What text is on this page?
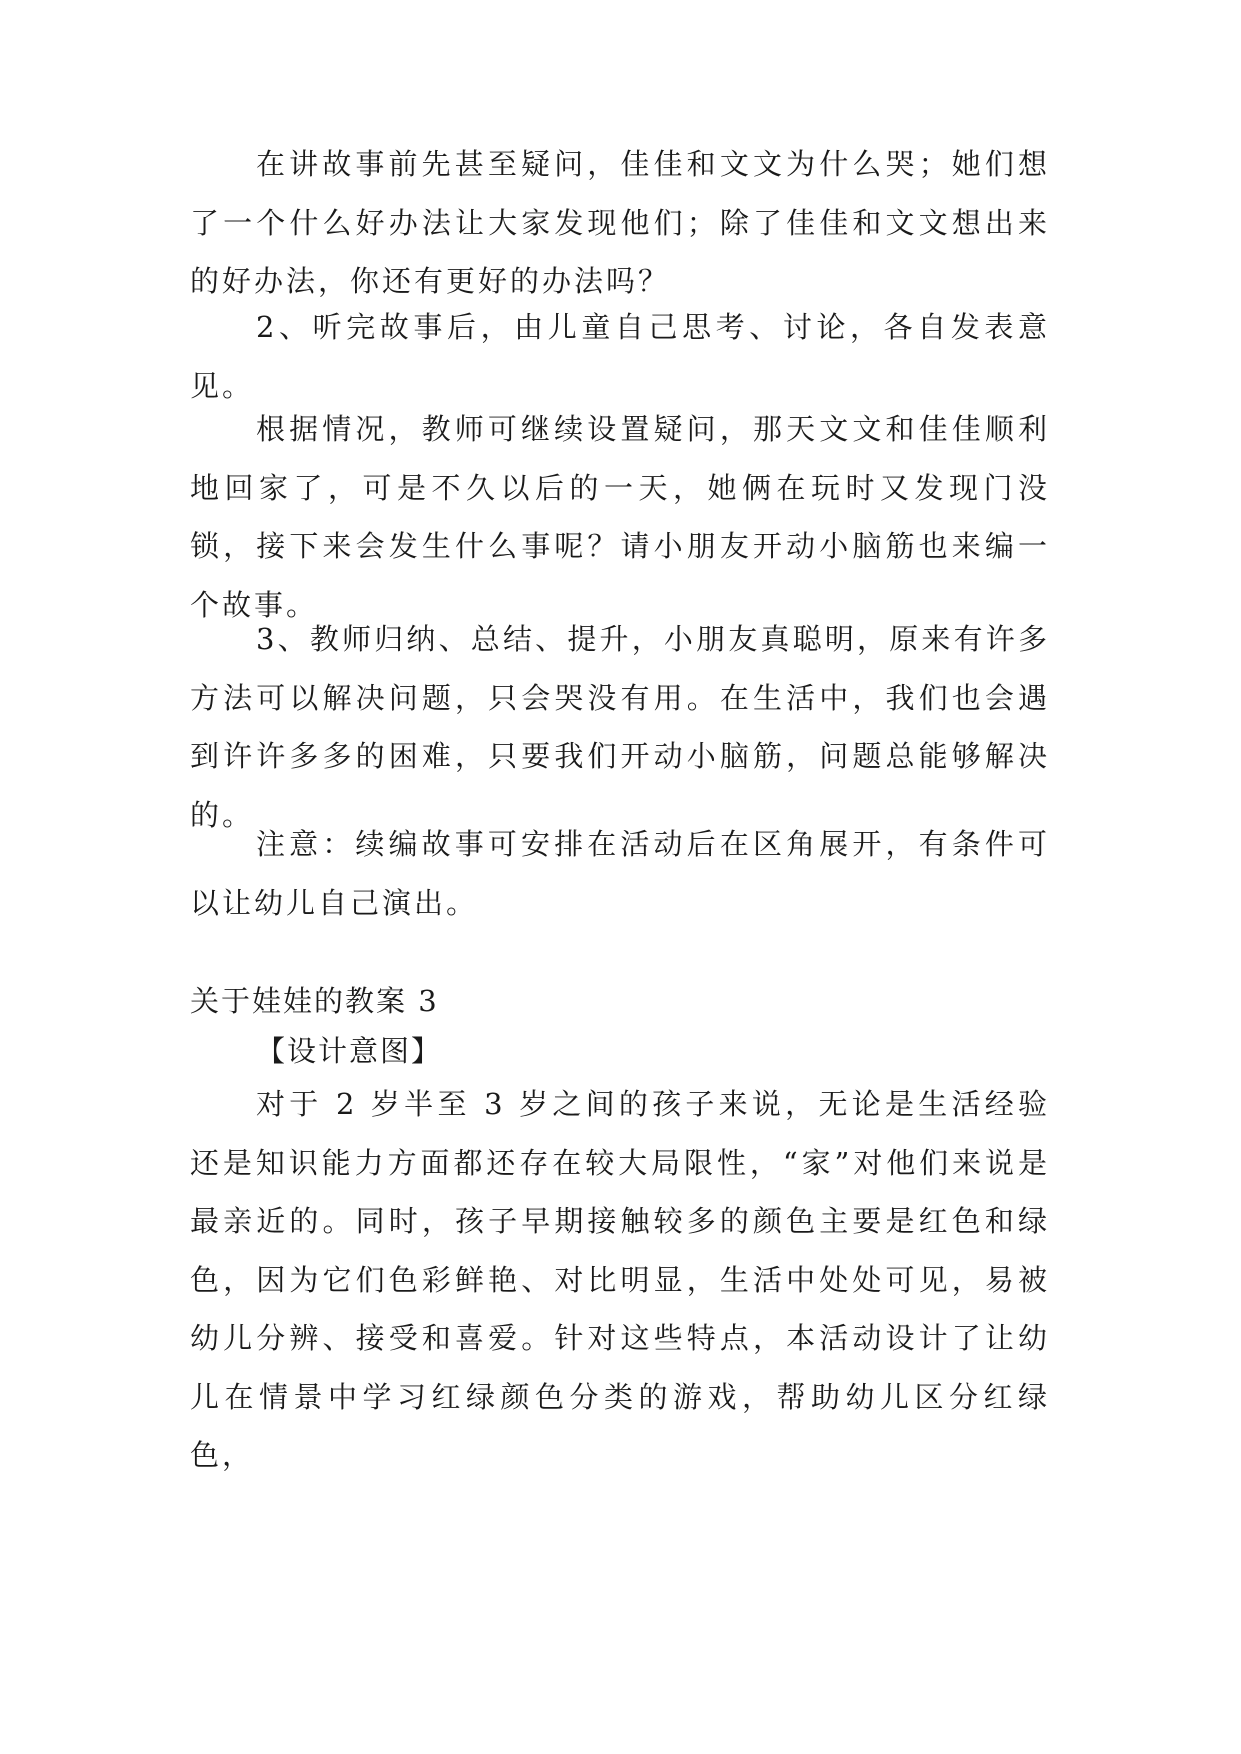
在讲故事前先甚至疑问，佳佳和文文为什么哭；她们想了一个什么好办法让大家发现他们；除了佳佳和文文想出来的好办法，你还有更好的办法吗？

2、听完故事后，由儿童自己思考、讨论，各自发表意见。

根据情况，教师可继续设置疑问，那天文文和佳佳顺利地回家了，可是不久以后的一天，她俩在玩时又发现门没锁，接下来会发生什么事呢？请小朋友开动小脑筋也来编一个故事。

3、教师归纳、总结、提升，小朋友真聪明，原来有许多方法可以解决问题，只会哭没有用。在生活中，我们也会遇到许许多多的困难，只要我们开动小脑筋，问题总能够解决的。

注意：续编故事可安排在活动后在区角展开，有条件可以让幼儿自己演出。

关于娃娃的教案 3

【设计意图】

对于 2 岁半至 3 岁之间的孩子来说，无论是生活经验还是知识能力方面都还存在较大局限性，“家”对他们来说是最亲近的。同时，孩子早期接触较多的颜色主要是红色和绿色，因为它们色彩鲜艳、对比明显，生活中处处可见，易被幼儿分辨、接受和喜爱。针对这些特点，本活动设计了让幼儿在情景中学习红绿颜色分类的游戏，帮助幼儿区分红绿色，
